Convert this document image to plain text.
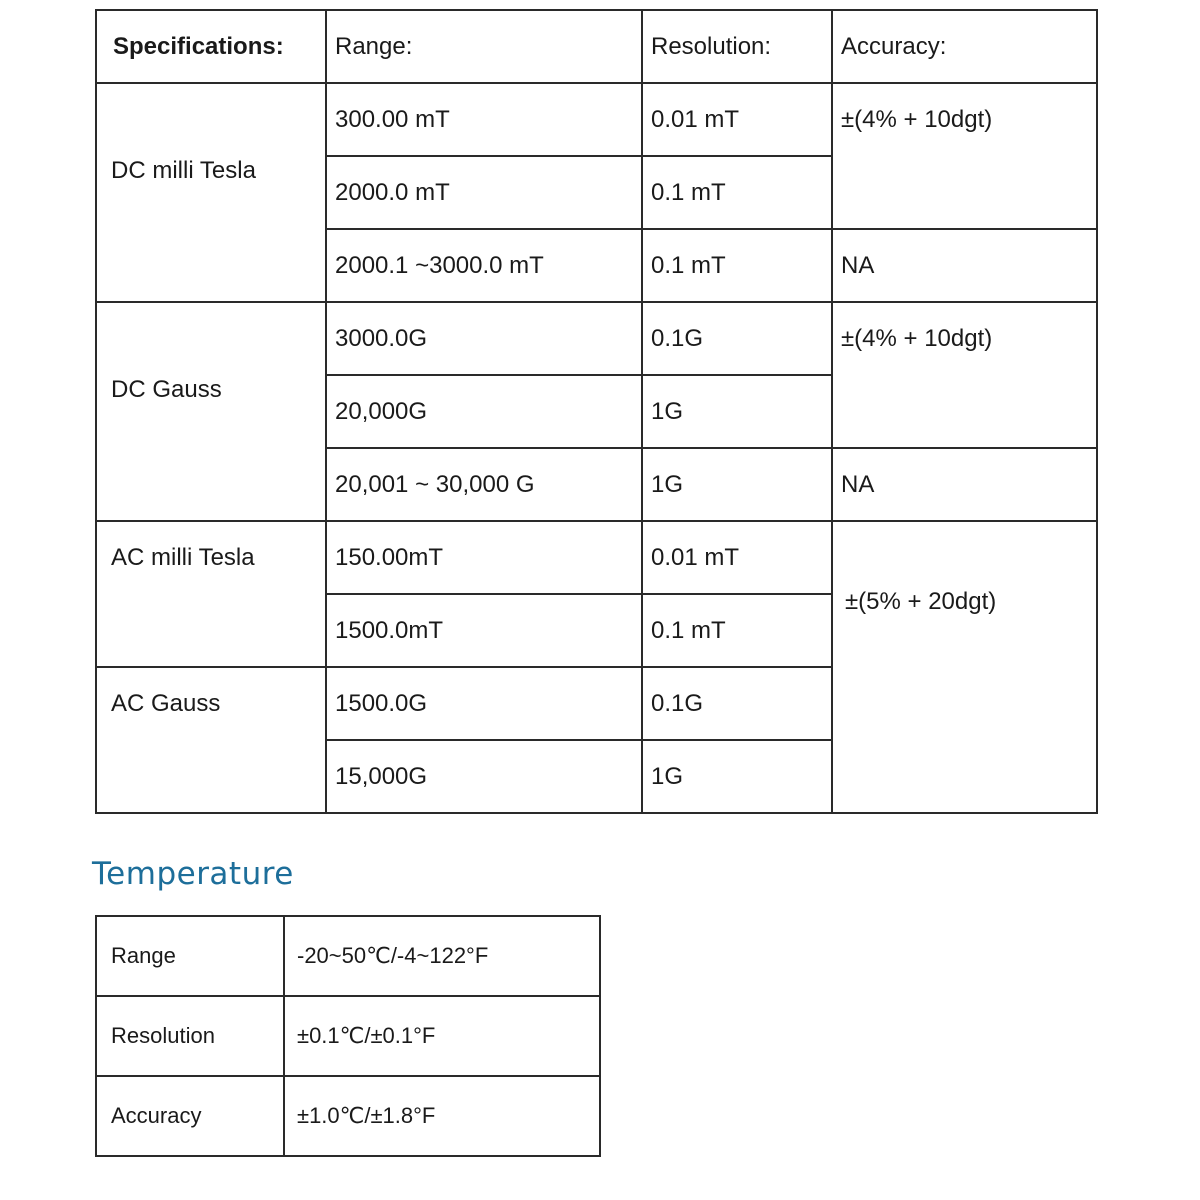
Specifications:	Range:	Resolution:	Accuracy:
DC milli Tesla	300.00 mT	0.01 mT	±(4% + 10dgt)
	2000.0 mT	0.1 mT	
	2000.1 ~3000.0 mT	0.1 mT	NA
DC Gauss	3000.0G	0.1G	±(4% + 10dgt)
	20,000G	1G	
	20,001 ~ 30,000 G	1G	NA
AC milli Tesla	150.00mT	0.01 mT	±(5% + 20dgt)
	1500.0mT	0.1 mT	
AC Gauss	1500.0G	0.1G	
	15,000G	1G	
Temperature
Range	-20~50℃/-4~122°F
Resolution	±0.1℃/±0.1°F
Accuracy	±1.0℃/±1.8°F
